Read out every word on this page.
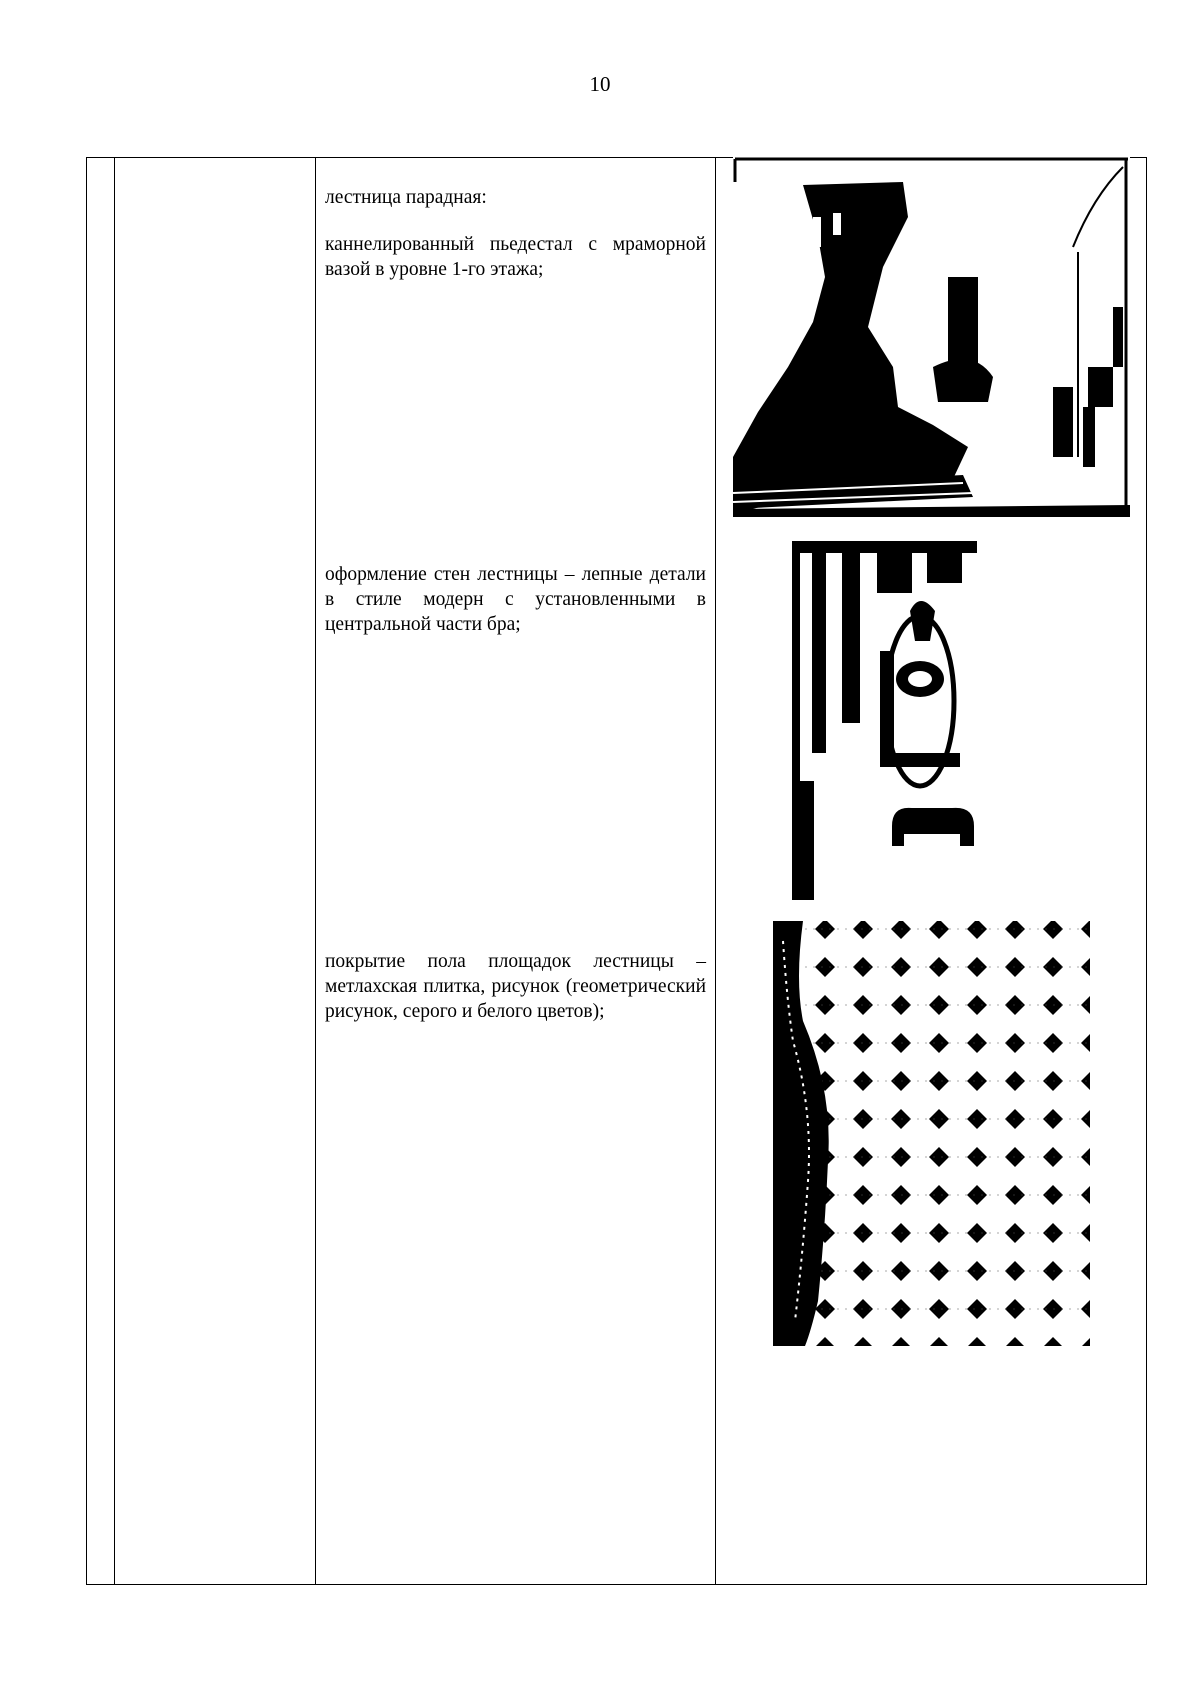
10

лестница парадная:

каннелированный пьедестал с мраморной вазой в уровне 1-го этажа;

оформление стен лестницы – лепные детали в стиле модерн с установленными в центральной части бра;

покрытие пола площадок лестницы – метлахская плитка, рисунок (геометрический рисунок, серого и белого цветов);
